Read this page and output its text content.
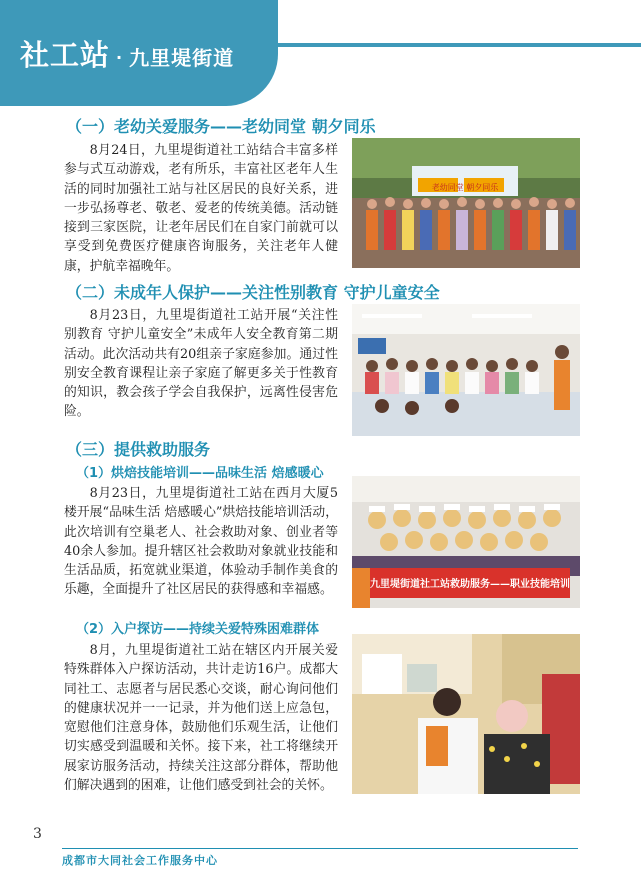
社工站 · 九里堤街道
（一）老幼关爱服务——老幼同堂 朝夕同乐

8月24日，九里堤街道社工站结合丰富多样参与式互动游戏，老有所乐，丰富社区老年人生活的同时加强社工站与社区居民的良好关系，进一步弘扬尊老、敬老、爱老的传统美德。活动链接到三家医院，让老年居民们在自家门前就可以享受到免费医疗健康咨询服务，关注老年人健康，护航幸福晚年。

老幼同堂 朝夕同乐
（二）未成年人保护——关注性别教育 守护儿童安全

8月23日，九里堤街道社工站开展“关注性别教育 守护儿童安全”未成年人安全教育第二期活动。此次活动共有20组亲子家庭参加。通过性别安全教育课程让亲子家庭了解更多关于性教育的知识，教会孩子学会自我保护，远离性侵害危险。

（三）提供救助服务
（1）烘焙技能培训——品味生活 焙感暖心

8月23日，九里堤街道社工站在西月大厦5楼开展“品味生活 焙感暖心”烘焙技能培训活动，此次培训有空巢老人、社会救助对象、创业者等40余人参加。提升辖区社会救助对象就业技能和生活品质，拓宽就业渠道，体验动手制作美食的乐趣，全面提升了社区居民的获得感和幸福感。	九里堤街道社工站救助服务——职业技能培训
（2）入户探访——持续关爱特殊困难群体

8月，九里堤街道社工站在辖区内开展关爱特殊群体入户探访活动，共计走访16户。成都大同社工、志愿者与居民悉心交谈，耐心询问他们的健康状况并一一记录，并为他们送上应急包，宽慰他们注意身体，鼓励他们乐观生活，让他们切实感受到温暖和关怀。接下来，社工将继续开展家访服务活动，持续关注这部分群体，帮助他们解决遇到的困难，让他们感受到社会的关怀。

3
成都市大同社会工作服务中心
